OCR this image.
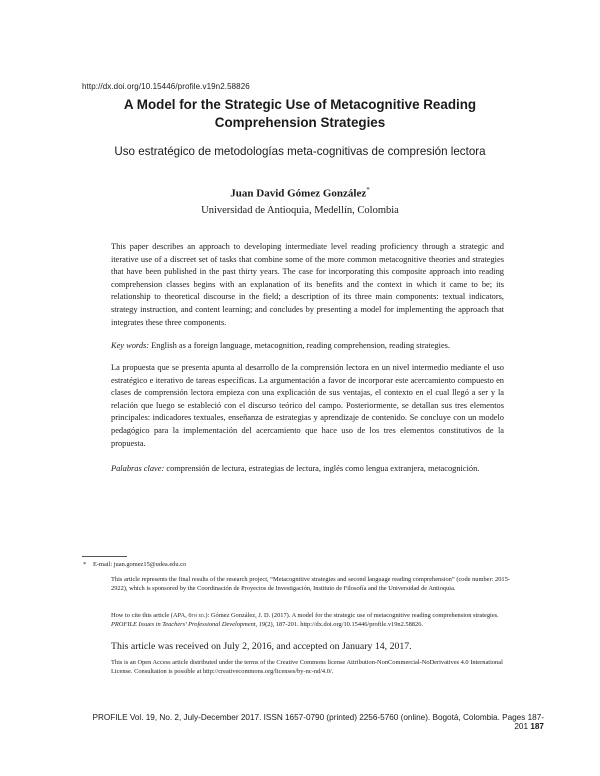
http://dx.doi.org/10.15446/profile.v19n2.58826
A Model for the Strategic Use of Metacognitive Reading Comprehension Strategies
Uso estratégico de metodologías meta-cognitivas de compresión lectora
Juan David Gómez González*
Universidad de Antioquia, Medellín, Colombia

This paper describes an approach to developing intermediate level reading proficiency through a strategic and iterative use of a discreet set of tasks that combine some of the more common metacognitive theories and strategies that have been published in the past thirty years. The case for incorporating this composite approach into reading comprehension classes begins with an explanation of its benefits and the context in which it came to be; its relationship to theoretical discourse in the field; a description of its three main components: textual indicators, strategy instruction, and content learning; and concludes by presenting a model for implementing the approach that integrates these three components.

Key words: English as a foreign language, metacognition, reading comprehension, reading strategies.

La propuesta que se presenta apunta al desarrollo de la comprensión lectora en un nivel intermedio mediante el uso estratégico e iterativo de tareas específicas. La argumentación a favor de incorporar este acercamiento compuesto en clases de comprensión lectora empieza con una explicación de sus ventajas, el contexto en el cual llegó a ser y la relación que luego se estableció con el discurso teórico del campo. Posteriormente, se detallan sus tres elementos principales: indicadores textuales, enseñanza de estrategias y aprendizaje de contenido. Se concluye con un modelo pedagógico para la implementación del acercamiento que hace uso de los tres elementos constitutivos de la propuesta.

Palabras clave: comprensión de lectura, estrategias de lectura, inglés como lengua extranjera, metacognición.

* E-mail: juan.gomez15@udea.edu.co

This article represents the final results of the research project, “Metacognitive strategies and second language reading comprehension” (code number: 2015-2922), which is sponsored by the Coordinación de Proyectos de Investigación, Instituto de Filosofía and the Universidad de Antioquia.

How to cite this article (APA, 6th ed.): Gómez González, J. D. (2017). A model for the strategic use of metacognitive reading comprehension strategies. PROFILE Issues in Teachers’ Professional Development, 19(2), 187-201. http://dx.doi.org/10.15446/profile.v19n2.58826.

This article was received on July 2, 2016, and accepted on January 14, 2017.

This is an Open Access article distributed under the terms of the Creative Commons license Attribution-NonCommercial-NoDerivatives 4.0 International License. Consultation is possible at http://creativecommons.org/licenses/by-nc-nd/4.0/.

PROFILE Vol. 19, No. 2, July-December 2017. ISSN 1657-0790 (printed) 2256-5760 (online). Bogotá, Colombia. Pages 187-201 187
